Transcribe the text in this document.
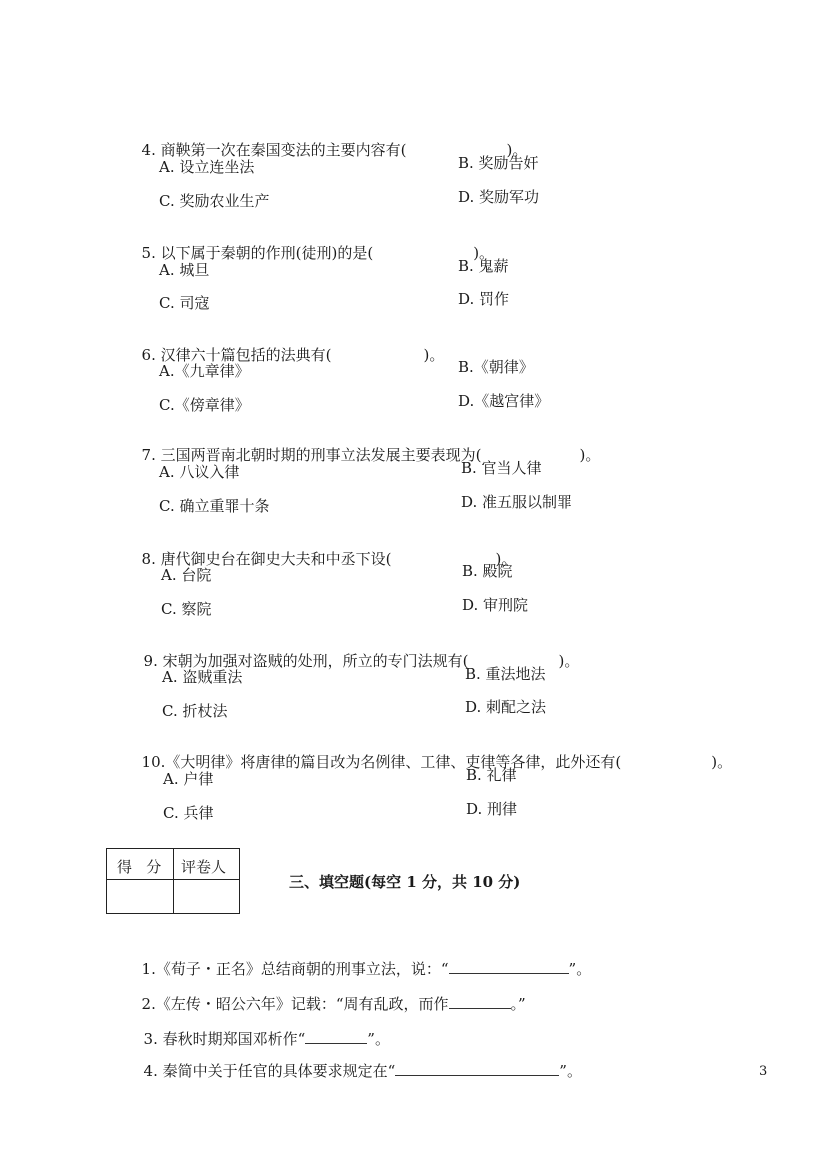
4. 商鞅第一次在秦国变法的主要内容有(	)。

A. 设立连坐法	B. 奖励告奸
C. 奖励农业生产	D. 奖励军功

5. 以下属于秦朝的作刑(徒刑)的是(	)。

A. 城旦	B. 鬼薪
C. 司寇	D. 罚作

6. 汉律六十篇包括的法典有(	)。

A.《九章律》	B.《朝律》
C.《傍章律》	D.《越宫律》

7. 三国两晋南北朝时期的刑事立法发展主要表现为(	)。

A. 八议入律	B. 官当人律
C. 确立重罪十条	D. 准五服以制罪

8. 唐代御史台在御史大夫和中丞下设(	)。

A. 台院	B. 殿院
C. 察院	D. 审刑院

9. 宋朝为加强对盗贼的处刑，所立的专门法规有(	)。

A. 盗贼重法	B. 重法地法
C. 折杖法	D. 刺配之法

10.《大明律》将唐律的篇目改为名例律、工律、吏律等各律，此外还有(	)。

A. 户律	B. 礼律
C. 兵律	D. 刑律
得   分 评卷人
三、填空题(每空 1 分，共 10 分)

1.《荀子・正名》总结商朝的刑事立法，说：“	”。

2.《左传・昭公六年》记载：“周有乱政，而作	。”

3. 春秋时期郑国邓析作“	”。

4. 秦简中关于任官的具体要求规定在“	”。	3
